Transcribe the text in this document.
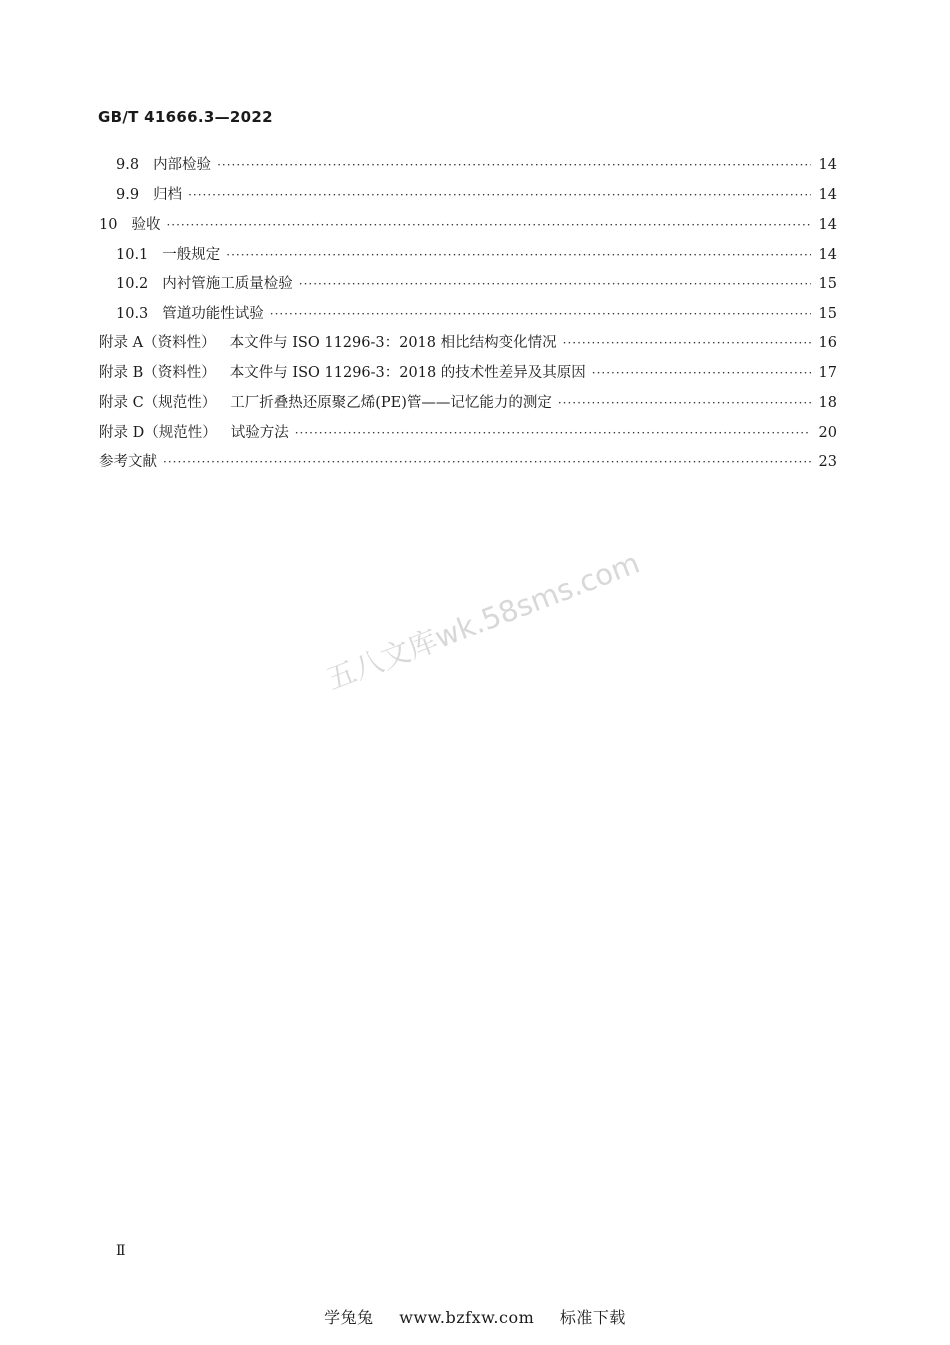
GB/T 41666.3—2022
9.8 内部检验 ·····	14
9.9 归档 ·····	14
10 验收 ·····	14
10.1 一般规定 ·····	14
10.2 内衬管施工质量检验 ·····	15
10.3 管道功能性试验 ·····	15
附录 A（资料性） 本文件与 ISO 11296-3：2018 相比结构变化情况 ·····	16
附录 B（资料性） 本文件与 ISO 11296-3：2018 的技术性差异及其原因 ·····	17
附录 C（规范性） 工厂折叠热还原聚乙烯(PE)管——记忆能力的测定 ·····	18
附录 D（规范性） 试验方法 ·····	20
参考文献 ·····	23
五八文库wk.58sms.com
Ⅱ
学兔兔 www.bzfxw.com 标准下载
